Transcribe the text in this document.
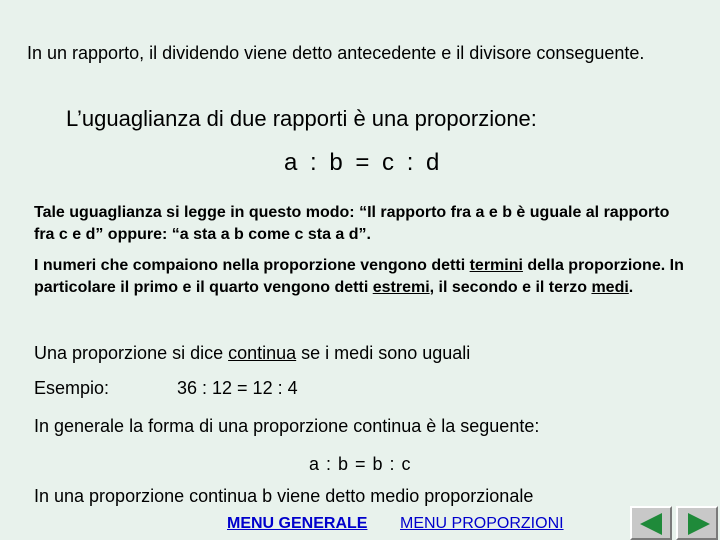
In un rapporto, il dividendo viene detto antecedente e il divisore conseguente.

L’uguaglianza di due rapporti è una proporzione:

a : b = c : d

Tale uguaglianza si legge in questo modo: “Il rapporto fra a e b è uguale al rapporto fra c e d” oppure: “a sta a b come c sta a d”.

I numeri che compaiono nella proporzione vengono detti termini della proporzione. In particolare il primo e il quarto vengono detti estremi, il secondo e il terzo medi.

Una proporzione si dice continua se i medi sono uguali

Esempio:	36 : 12 = 12 : 4

In generale la forma di una proporzione continua è la seguente:

a : b = b : c

In una proporzione continua b viene detto medio proporzionale

MENU GENERALE MENU PROPORZIONI
